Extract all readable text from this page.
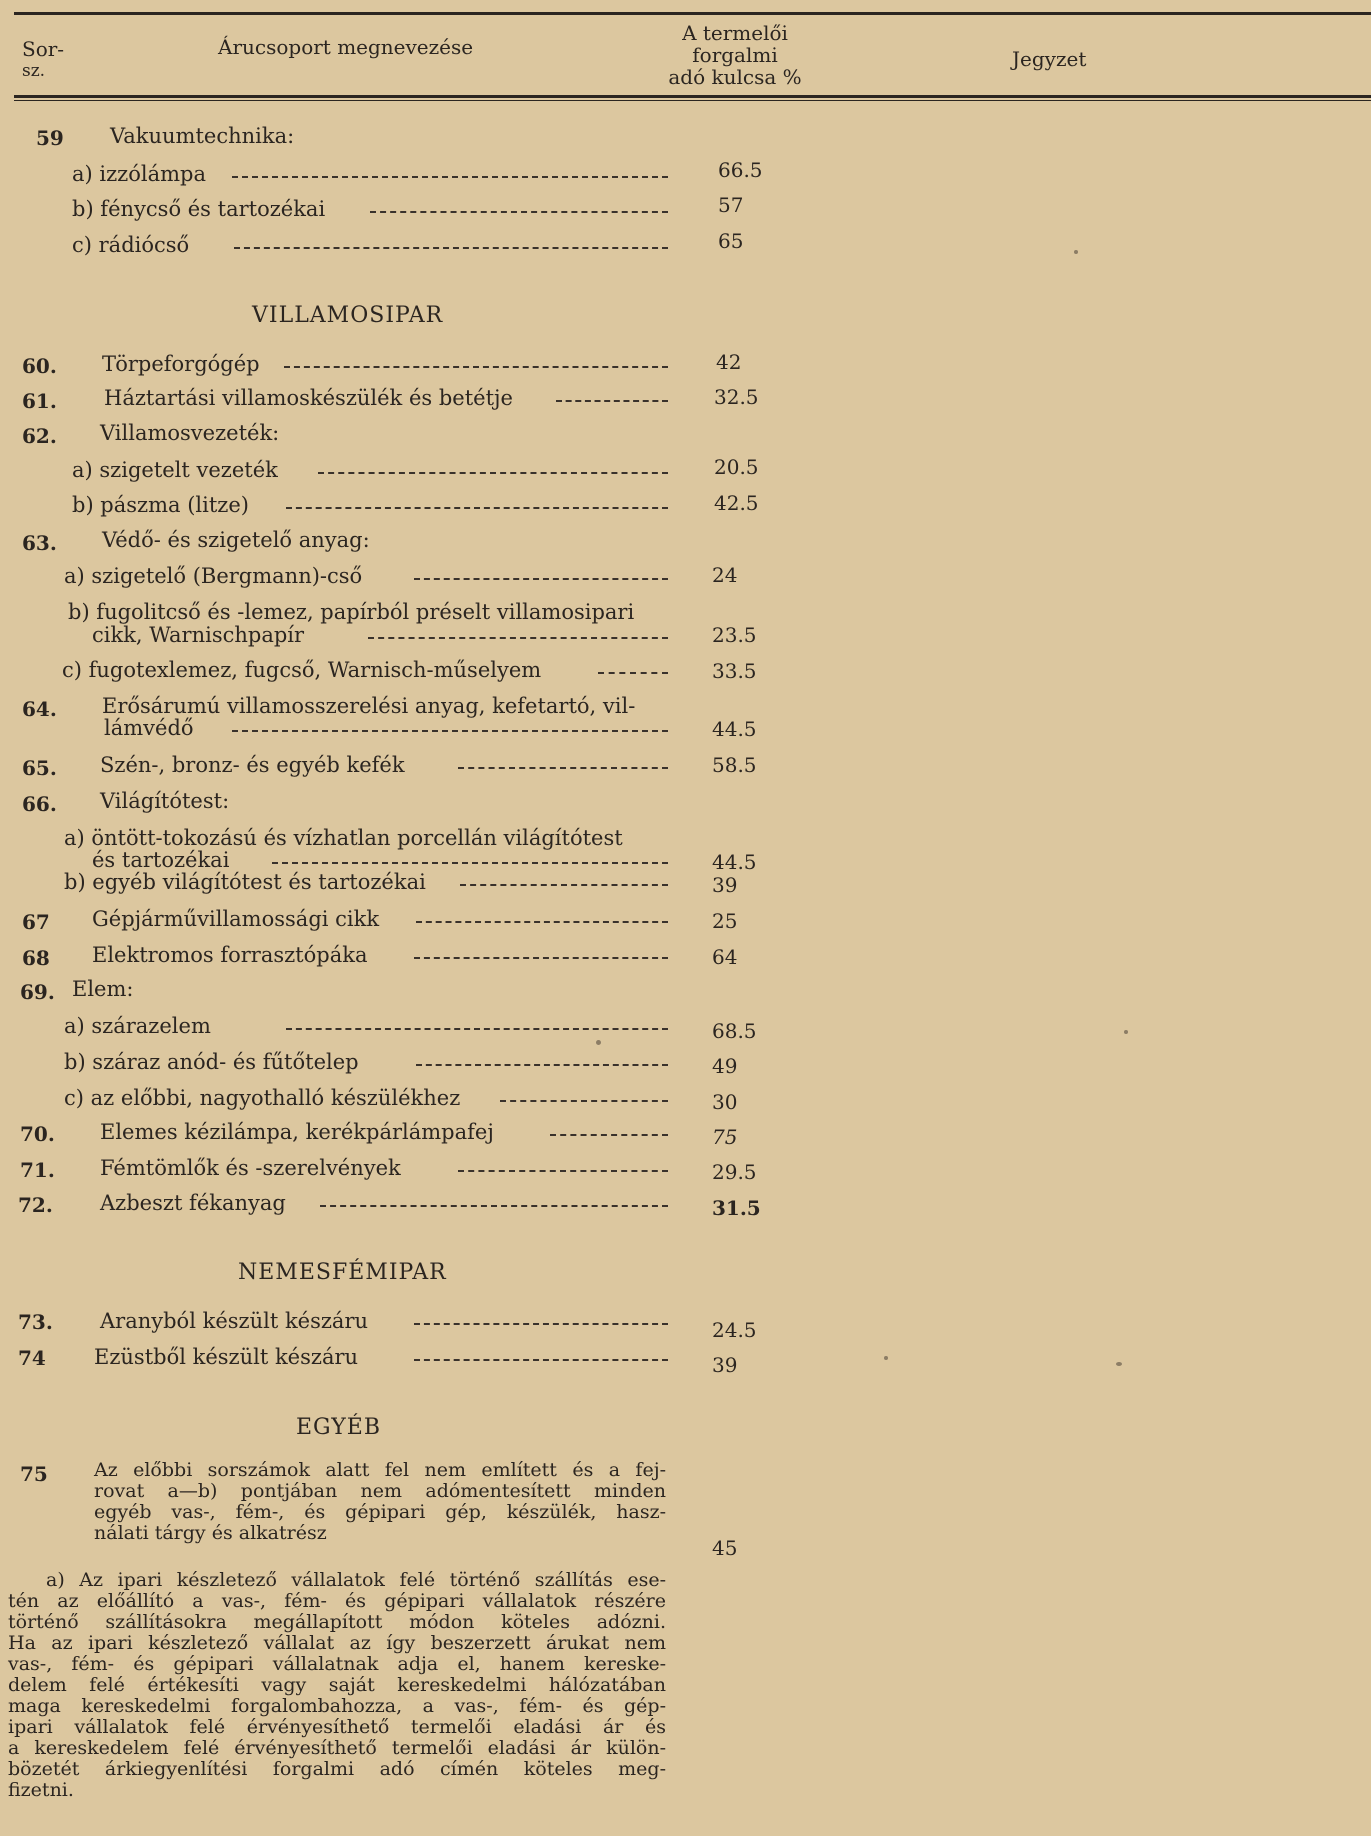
Sor-
sz.
Árucsoport megnevezése
A termelői
forgalmi
adó kulcsa %
Jegyzet
59 Vakuumtechnika:
a) izzólámpa	66.5
b) fénycső és tartozékai	57
c) rádiócső	65
VILLAMOSIPAR
60. Törpeforgógép	42
61. Háztartási villamoskészülék és betétje	32.5
62. Villamosvezeték:
a) szigetelt vezeték	20.5
b) pászma (litze)	42.5
63. Védő- és szigetelő anyag:
a) szigetelő (Bergmann)-cső	24
b) fugolitcső és -lemez, papírból préselt villamosipari
cikk, Warnischpapír	23.5
c) fugotexlemez, fugcső, Warnisch-műselyem	33.5
64. Erősárumú villamosszerelési anyag, kefetartó, vil-
lámvédő	44.5
65. Szén-, bronz- és egyéb kefék	58.5
66. Világítótest:
a) öntött-tokozású és vízhatlan porcellán világítótest
és tartozékai	44.5
b) egyéb világítótest és tartozékai	39
67 Gépjárművillamossági cikk	25
68 Elektromos forrasztópáka	64
69. Elem:
a) szárazelem	68.5
b) száraz anód- és fűtőtelep	49
c) az előbbi, nagyothalló készülékhez	30
70. Elemes kézilámpa, kerékpárlámpafej	75
71. Fémtömlők és -szerelvények	29.5
72. Azbeszt fékanyag	31.5
NEMESFÉMIPAR
73. Aranyból készült készáru	24.5
74 Ezüstből készült készáru	39
EGYÉB
75 Az előbbi sorszámok alatt fel nem említett és a fej-
rovat a—b) pontjában nem adómentesített minden
egyéb vas-, fém-, és gépipari gép, készülék, hasz-
nálati tárgy és alkatrész
45
a) Az ipari készletező vállalatok felé történő szállítás ese-
tén az előállító a vas-, fém- és gépipari vállalatok részére
történő szállításokra megállapított módon köteles adózni.
Ha az ipari készletező vállalat az így beszerzett árukat nem
vas-, fém- és gépipari vállalatnak adja el, hanem kereske-
delem felé értékesíti vagy saját kereskedelmi hálózatában
maga kereskedelmi forgalombahozza, a vas-, fém- és gép-
ipari vállalatok felé érvényesíthető termelői eladási ár és
a kereskedelem felé érvényesíthető termelői eladási ár külön-
bözetét árkiegyenlítési forgalmi adó címén köteles meg-
fizetni.
